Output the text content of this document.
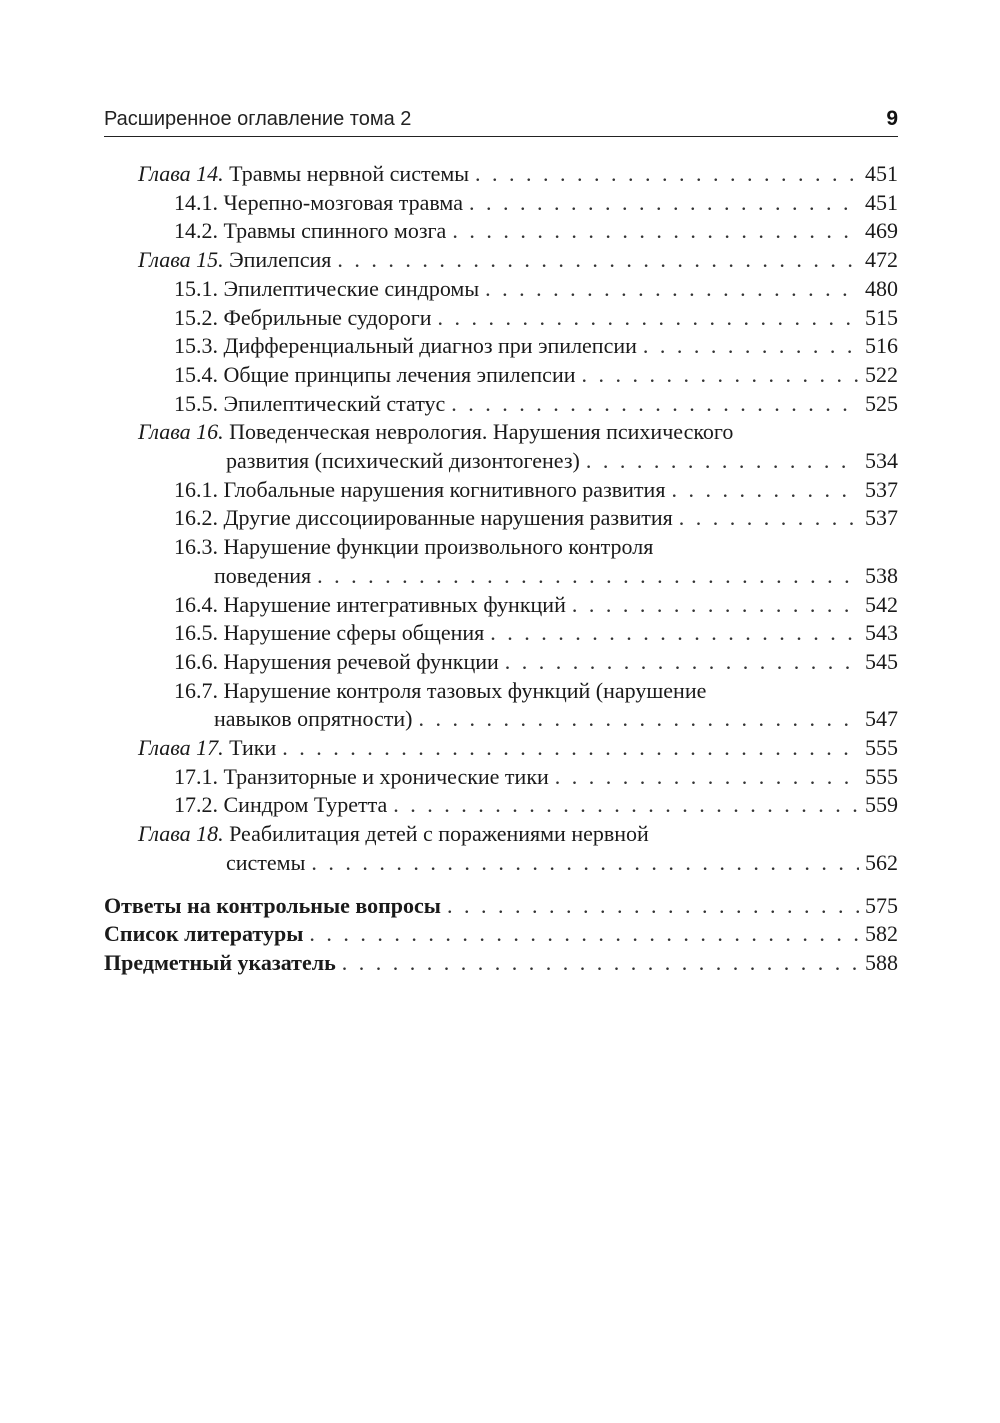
Расширенное оглавление тома 2	9
Глава 14. Травмы нервной системы . . .	451
14.1. Черепно-мозговая травма . . .	451
14.2. Травмы спинного мозга . . .	469
Глава 15. Эпилепсия . . .	472
15.1. Эпилептические синдромы . . .	480
15.2. Фебрильные судороги . . .	515
15.3. Дифференциальный диагноз при эпилепсии . . .	516
15.4. Общие принципы лечения эпилепсии . . .	522
15.5. Эпилептический статус . . .	525
Глава 16. Поведенческая неврология. Нарушения психического
развития (психический дизонтогенез) . . .	534
16.1. Глобальные нарушения когнитивного развития . . .	537
16.2. Другие диссоциированные нарушения развития . . .	537
16.3. Нарушение функции произвольного контроля
поведения . . .	538
16.4. Нарушение интегративных функций . . .	542
16.5. Нарушение сферы общения . . .	543
16.6. Нарушения речевой функции . . .	545
16.7. Нарушение контроля тазовых функций (нарушение
навыков опрятности) . . .	547
Глава 17. Тики . . .	555
17.1. Транзиторные и хронические тики . . .	555
17.2. Синдром Туретта . . .	559
Глава 18. Реабилитация детей с поражениями нервной
системы . . .	562
Ответы на контрольные вопросы . . .	575
Список литературы . . .	582
Предметный указатель . . .	588
